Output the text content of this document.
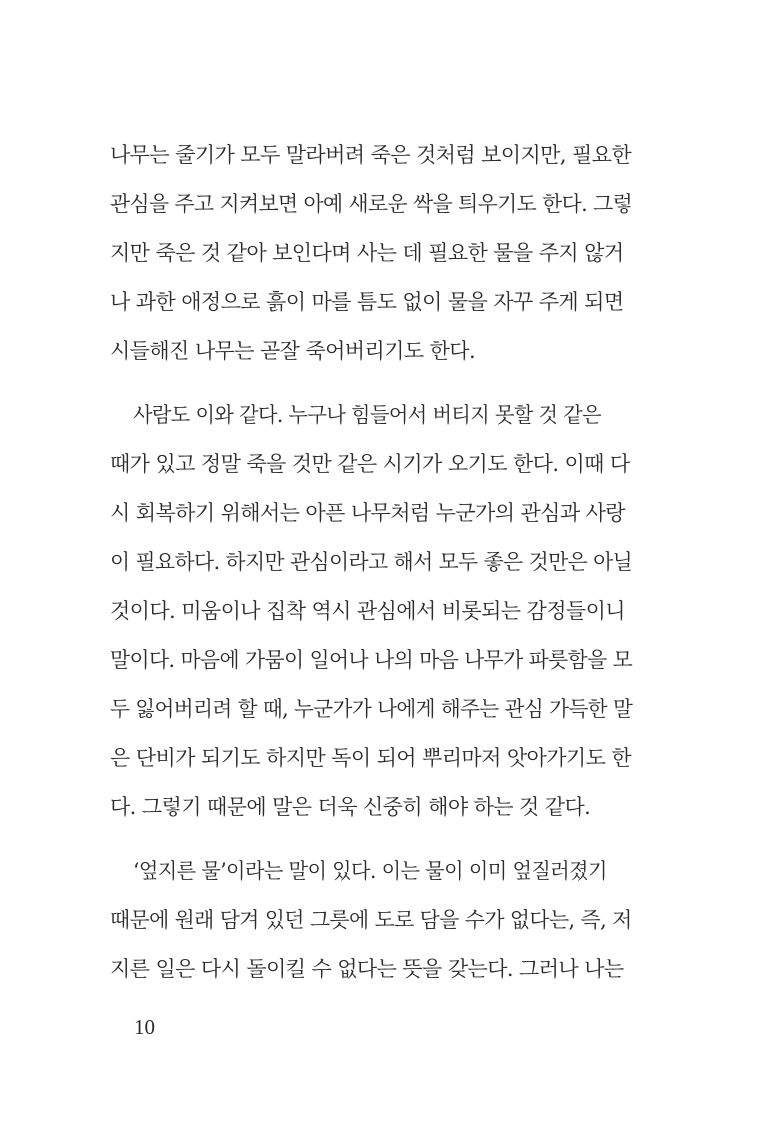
나무는 줄기가 모두 말라버려 죽은 것처럼 보이지만, 필요한
관심을 주고 지켜보면 아예 새로운 싹을 틔우기도 한다. 그렇
지만 죽은 것 같아 보인다며 사는 데 필요한 물을 주지 않거
나 과한 애정으로 흙이 마를 틈도 없이 물을 자꾸 주게 되면
시들해진 나무는 곧잘 죽어버리기도 한다.
사람도 이와 같다. 누구나 힘들어서 버티지 못할 것 같은
때가 있고 정말 죽을 것만 같은 시기가 오기도 한다. 이때 다
시 회복하기 위해서는 아픈 나무처럼 누군가의 관심과 사랑
이 필요하다. 하지만 관심이라고 해서 모두 좋은 것만은 아닐
것이다. 미움이나 집착 역시 관심에서 비롯되는 감정들이니
말이다. 마음에 가뭄이 일어나 나의 마음 나무가 파릇함을 모
두 잃어버리려 할 때, 누군가가 나에게 해주는 관심 가득한 말
은 단비가 되기도 하지만 독이 되어 뿌리마저 앗아가기도 한
다. 그렇기 때문에 말은 더욱 신중히 해야 하는 것 같다.
‘엎지른 물’이라는 말이 있다. 이는 물이 이미 엎질러졌기
때문에 원래 담겨 있던 그릇에 도로 담을 수가 없다는, 즉, 저
지른 일은 다시 돌이킬 수 없다는 뜻을 갖는다. 그러나 나는
10
